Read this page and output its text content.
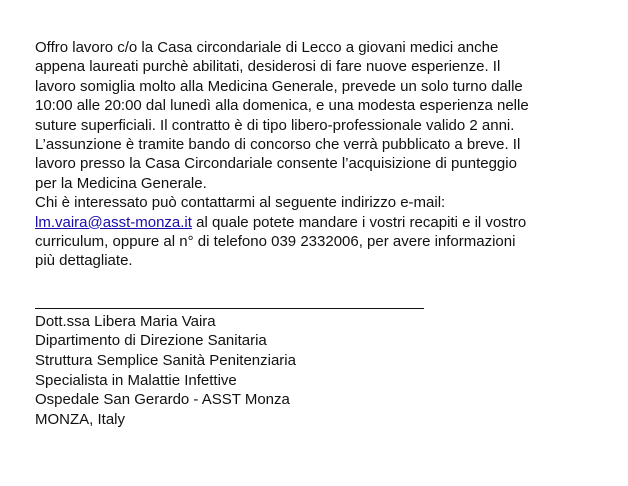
Offro lavoro c/o la Casa circondariale di Lecco a giovani medici anche
appena laureati purchè abilitati, desiderosi di fare nuove esperienze. Il
lavoro somiglia molto alla Medicina Generale, prevede un solo turno dalle
10:00 alle 20:00 dal lunedì alla domenica, e una modesta esperienza nelle
suture superficiali. Il contratto è di tipo libero-professionale valido 2 anni.
L’assunzione è tramite bando di concorso che verrà pubblicato a breve. Il
lavoro presso la Casa Circondariale consente l’acquisizione di punteggio
per la Medicina Generale.
Chi è interessato può contattarmi al seguente indirizzo e-mail:
lm.vaira@asst-monza.it al quale potete mandare i vostri recapiti e il vostro
curriculum, oppure al n° di telefono 039 2332006, per avere informazioni
più dettagliate.
Dott.ssa Libera Maria Vaira
Dipartimento di Direzione Sanitaria
Struttura Semplice Sanità Penitenziaria
Specialista in Malattie Infettive
Ospedale San Gerardo - ASST Monza
MONZA, Italy
